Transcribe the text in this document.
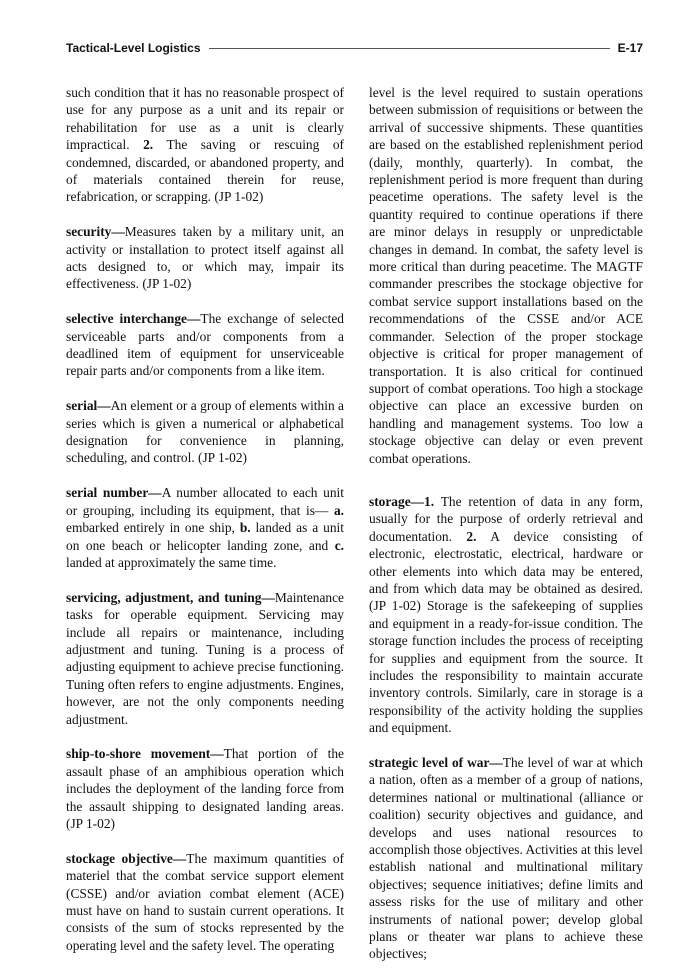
Tactical-Level Logistics	E-17

such condition that it has no reasonable prospect of use for any purpose as a unit and its repair or rehabilitation for use as a unit is clearly impractical. 2. The saving or rescuing of condemned, discarded, or abandoned property, and of materials contained therein for reuse, refabrication, or scrapping. (JP 1-02)

security—Measures taken by a military unit, an activity or installation to protect itself against all acts designed to, or which may, impair its effectiveness. (JP 1-02)

selective interchange—The exchange of selected serviceable parts and/or components from a deadlined item of equipment for unserviceable repair parts and/or components from a like item.

serial—An element or a group of elements within a series which is given a numerical or alphabetical designation for convenience in planning, scheduling, and control. (JP 1-02)

serial number—A number allocated to each unit or grouping, including its equipment, that is— a. embarked entirely in one ship, b. landed as a unit on one beach or helicopter landing zone, and c. landed at approximately the same time.

servicing, adjustment, and tuning—Maintenance tasks for operable equipment. Servicing may include all repairs or maintenance, including adjustment and tuning. Tuning is a process of adjusting equipment to achieve precise functioning. Tuning often refers to engine adjustments. Engines, however, are not the only components needing adjustment.

ship-to-shore movement—That portion of the assault phase of an amphibious operation which includes the deployment of the landing force from the assault shipping to designated landing areas. (JP 1-02)

stockage objective—The maximum quantities of materiel that the combat service support element (CSSE) and/or aviation combat element (ACE) must have on hand to sustain current operations. It consists of the sum of stocks represented by the operating level and the safety level. The operating

level is the level required to sustain operations between submission of requisitions or between the arrival of successive shipments. These quantities are based on the established replenishment period (daily, monthly, quarterly). In combat, the replenishment period is more frequent than during peacetime operations. The safety level is the quantity required to continue operations if there are minor delays in resupply or unpredictable changes in demand. In combat, the safety level is more critical than during peacetime. The MAGTF commander prescribes the stockage objective for combat service support installations based on the recommendations of the CSSE and/or ACE commander. Selection of the proper stockage objective is critical for proper management of transportation. It is also critical for continued support of combat operations. Too high a stockage objective can place an excessive burden on handling and management systems. Too low a stockage objective can delay or even prevent combat operations.

storage—1. The retention of data in any form, usually for the purpose of orderly retrieval and documentation. 2. A device consisting of electronic, electrostatic, electrical, hardware or other elements into which data may be entered, and from which data may be obtained as desired. (JP 1-02) Storage is the safekeeping of supplies and equipment in a ready-for-issue condition. The storage function includes the process of receipting for supplies and equipment from the source. It includes the responsibility to maintain accurate inventory controls. Similarly, care in storage is a responsibility of the activity holding the supplies and equipment.

strategic level of war—The level of war at which a nation, often as a member of a group of nations, determines national or multinational (alliance or coalition) security objectives and guidance, and develops and uses national resources to accomplish those objectives. Activities at this level establish national and multinational military objectives; sequence initiatives; define limits and assess risks for the use of military and other instruments of national power; develop global plans or theater war plans to achieve these objectives;
